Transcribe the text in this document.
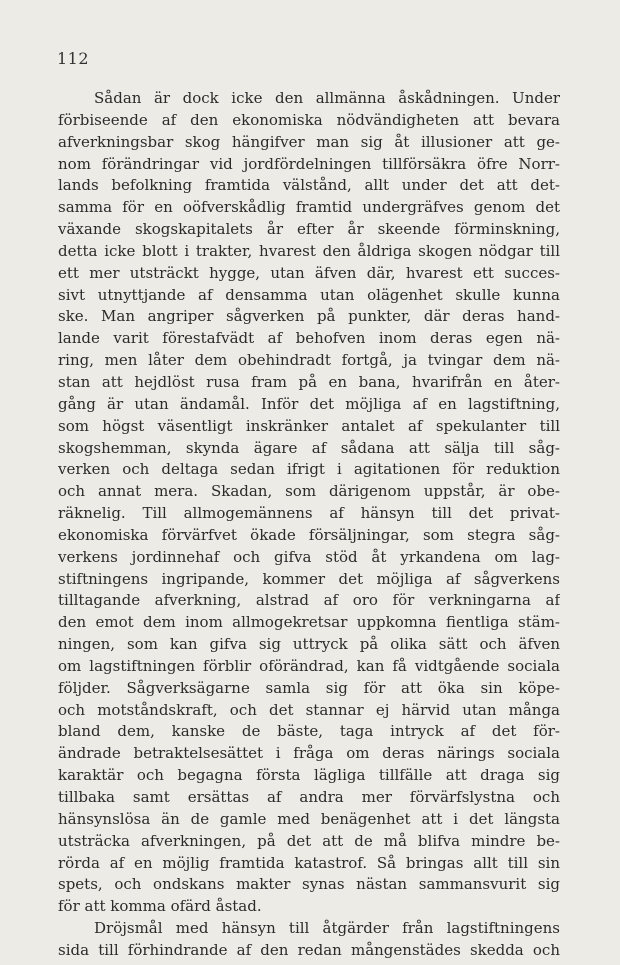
112
Sådan är dock icke den allmänna åskådningen. Under
förbiseende af den ekonomiska nödvändigheten att bevara
afverkningsbar skog hängifver man sig åt illusioner att ge-
nom förändringar vid jordfördelningen tillförsäkra öfre Norr-
lands befolkning framtida välstånd, allt under det att det-
samma för en oöfverskådlig framtid undergräfves genom det
växande skogskapitalets år efter år skeende förminskning,
detta icke blott i trakter, hvarest den åldriga skogen nödgar till
ett mer utsträckt hygge, utan äfven där, hvarest ett succes-
sivt utnyttjande af densamma utan olägenhet skulle kunna
ske. Man angriper sågverken på punkter, där deras hand-
lande varit förestafvädt af behofven inom deras egen nä-
ring, men låter dem obehindradt fortgå, ja tvingar dem nä-
stan att hejdlöst rusa fram på en bana, hvarifrån en åter-
gång är utan ändamål. Inför det möjliga af en lagstiftning,
som högst väsentligt inskränker antalet af spekulanter till
skogshemman, skynda ägare af sådana att sälja till såg-
verken och deltaga sedan ifrigt i agitationen för reduktion
och annat mera. Skadan, som därigenom uppstår, är obe-
räknelig. Till allmogemännens af hänsyn till det privat-
ekonomiska förvärfvet ökade försäljningar, som stegra såg-
verkens jordinnehaf och gifva stöd åt yrkandena om lag-
stiftningens ingripande, kommer det möjliga af sågverkens
tilltagande afverkning, alstrad af oro för verkningarna af
den emot dem inom allmogekretsar uppkomna fientliga stäm-
ningen, som kan gifva sig uttryck på olika sätt och äfven
om lagstiftningen förblir oförändrad, kan få vidtgående sociala
följder. Sågverksägarne samla sig för att öka sin köpe-
och motståndskraft, och det stannar ej härvid utan många
bland dem, kanske de bäste, taga intryck af det för-
ändrade betraktelsesättet i fråga om deras närings sociala
karaktär och begagna första lägliga tillfälle att draga sig
tillbaka samt ersättas af andra mer förvärfslystna och
hänsynslösa än de gamle med benägenhet att i det längsta
utsträcka afverkningen, på det att de må blifva mindre be-
rörda af en möjlig framtida katastrof. Så bringas allt till sin
spets, och ondskans makter synas nästan sammansvurit sig
för att komma ofärd åstad.
Dröjsmål med hänsyn till åtgärder från lagstiftningens
sida till förhindrande af den redan mångenstädes skedda och
